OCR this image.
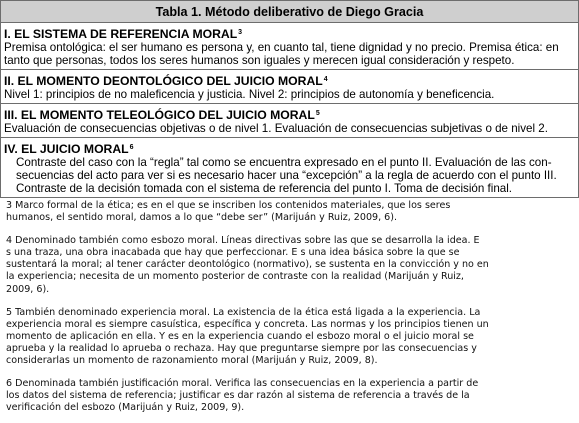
Tabla 1. Método deliberativo de Diego Gracia
I. EL SISTEMA DE REFERENCIA MORAL$^3$
Premisa ontológica: el ser humano es persona y, en cuanto tal, tiene dignidad y no precio. Premisa ética: en
tanto que personas, todos los seres humanos son iguales y merecen igual consideración y respeto.
II. EL MOMENTO DEONTOLÓGICO DEL JUICIO MORAL$^4$
Nivel 1: principios de no maleficencia y justicia. Nivel 2: principios de autonomía y beneficencia.
III. EL MOMENTO TELEOLÓGICO DEL JUICIO MORAL$^5$
Evaluación de consecuencias objetivas o de nivel 1. Evaluación de consecuencias subjetivas o de nivel 2.
IV. EL JUICIO MORAL$^6$
Contraste del caso con la “regla” tal como se encuentra expresado en el punto II. Evaluación de las con-
secuencias del acto para ver si es necesario hacer una “excepción” a la regla de acuerdo con el punto III.
Contraste de la decisión tomada con el sistema de referencia del punto I. Toma de decisión final.
3 Marco formal de la ética; es en el que se inscriben los contenidos materiales, que los seres
humanos, el sentido moral, damos a lo que “debe ser” (Marijuán y Ruiz, 2009, 6).
4 Denominado también como esbozo moral. Líneas directivas sobre las que se desarrolla la idea. E
s una traza, una obra inacabada que hay que perfeccionar. E s una idea básica sobre la que se
sustentará la moral; al tener carácter deontológico (normativo), se sustenta en la convicción y no en
la experiencia; necesita de un momento posterior de contraste con la realidad (Marijuán y Ruiz,
2009, 6).
5 También denominado experiencia moral. La existencia de la ética está ligada a la experiencia. La
experiencia moral es siempre casuística, específica y concreta. Las normas y los principios tienen un
momento de aplicación en ella. Y es en la experiencia cuando el esbozo moral o el juicio moral se
aprueba y la realidad lo aprueba o rechaza. Hay que preguntarse siempre por las consecuencias y
considerarlas un momento de razonamiento moral (Marijuán y Ruiz, 2009, 8).
6 Denominada también justificación moral. Verifica las consecuencias en la experiencia a partir de
los datos del sistema de referencia; justificar es dar razón al sistema de referencia a través de la
verificación del esbozo (Marijuán y Ruiz, 2009, 9).
